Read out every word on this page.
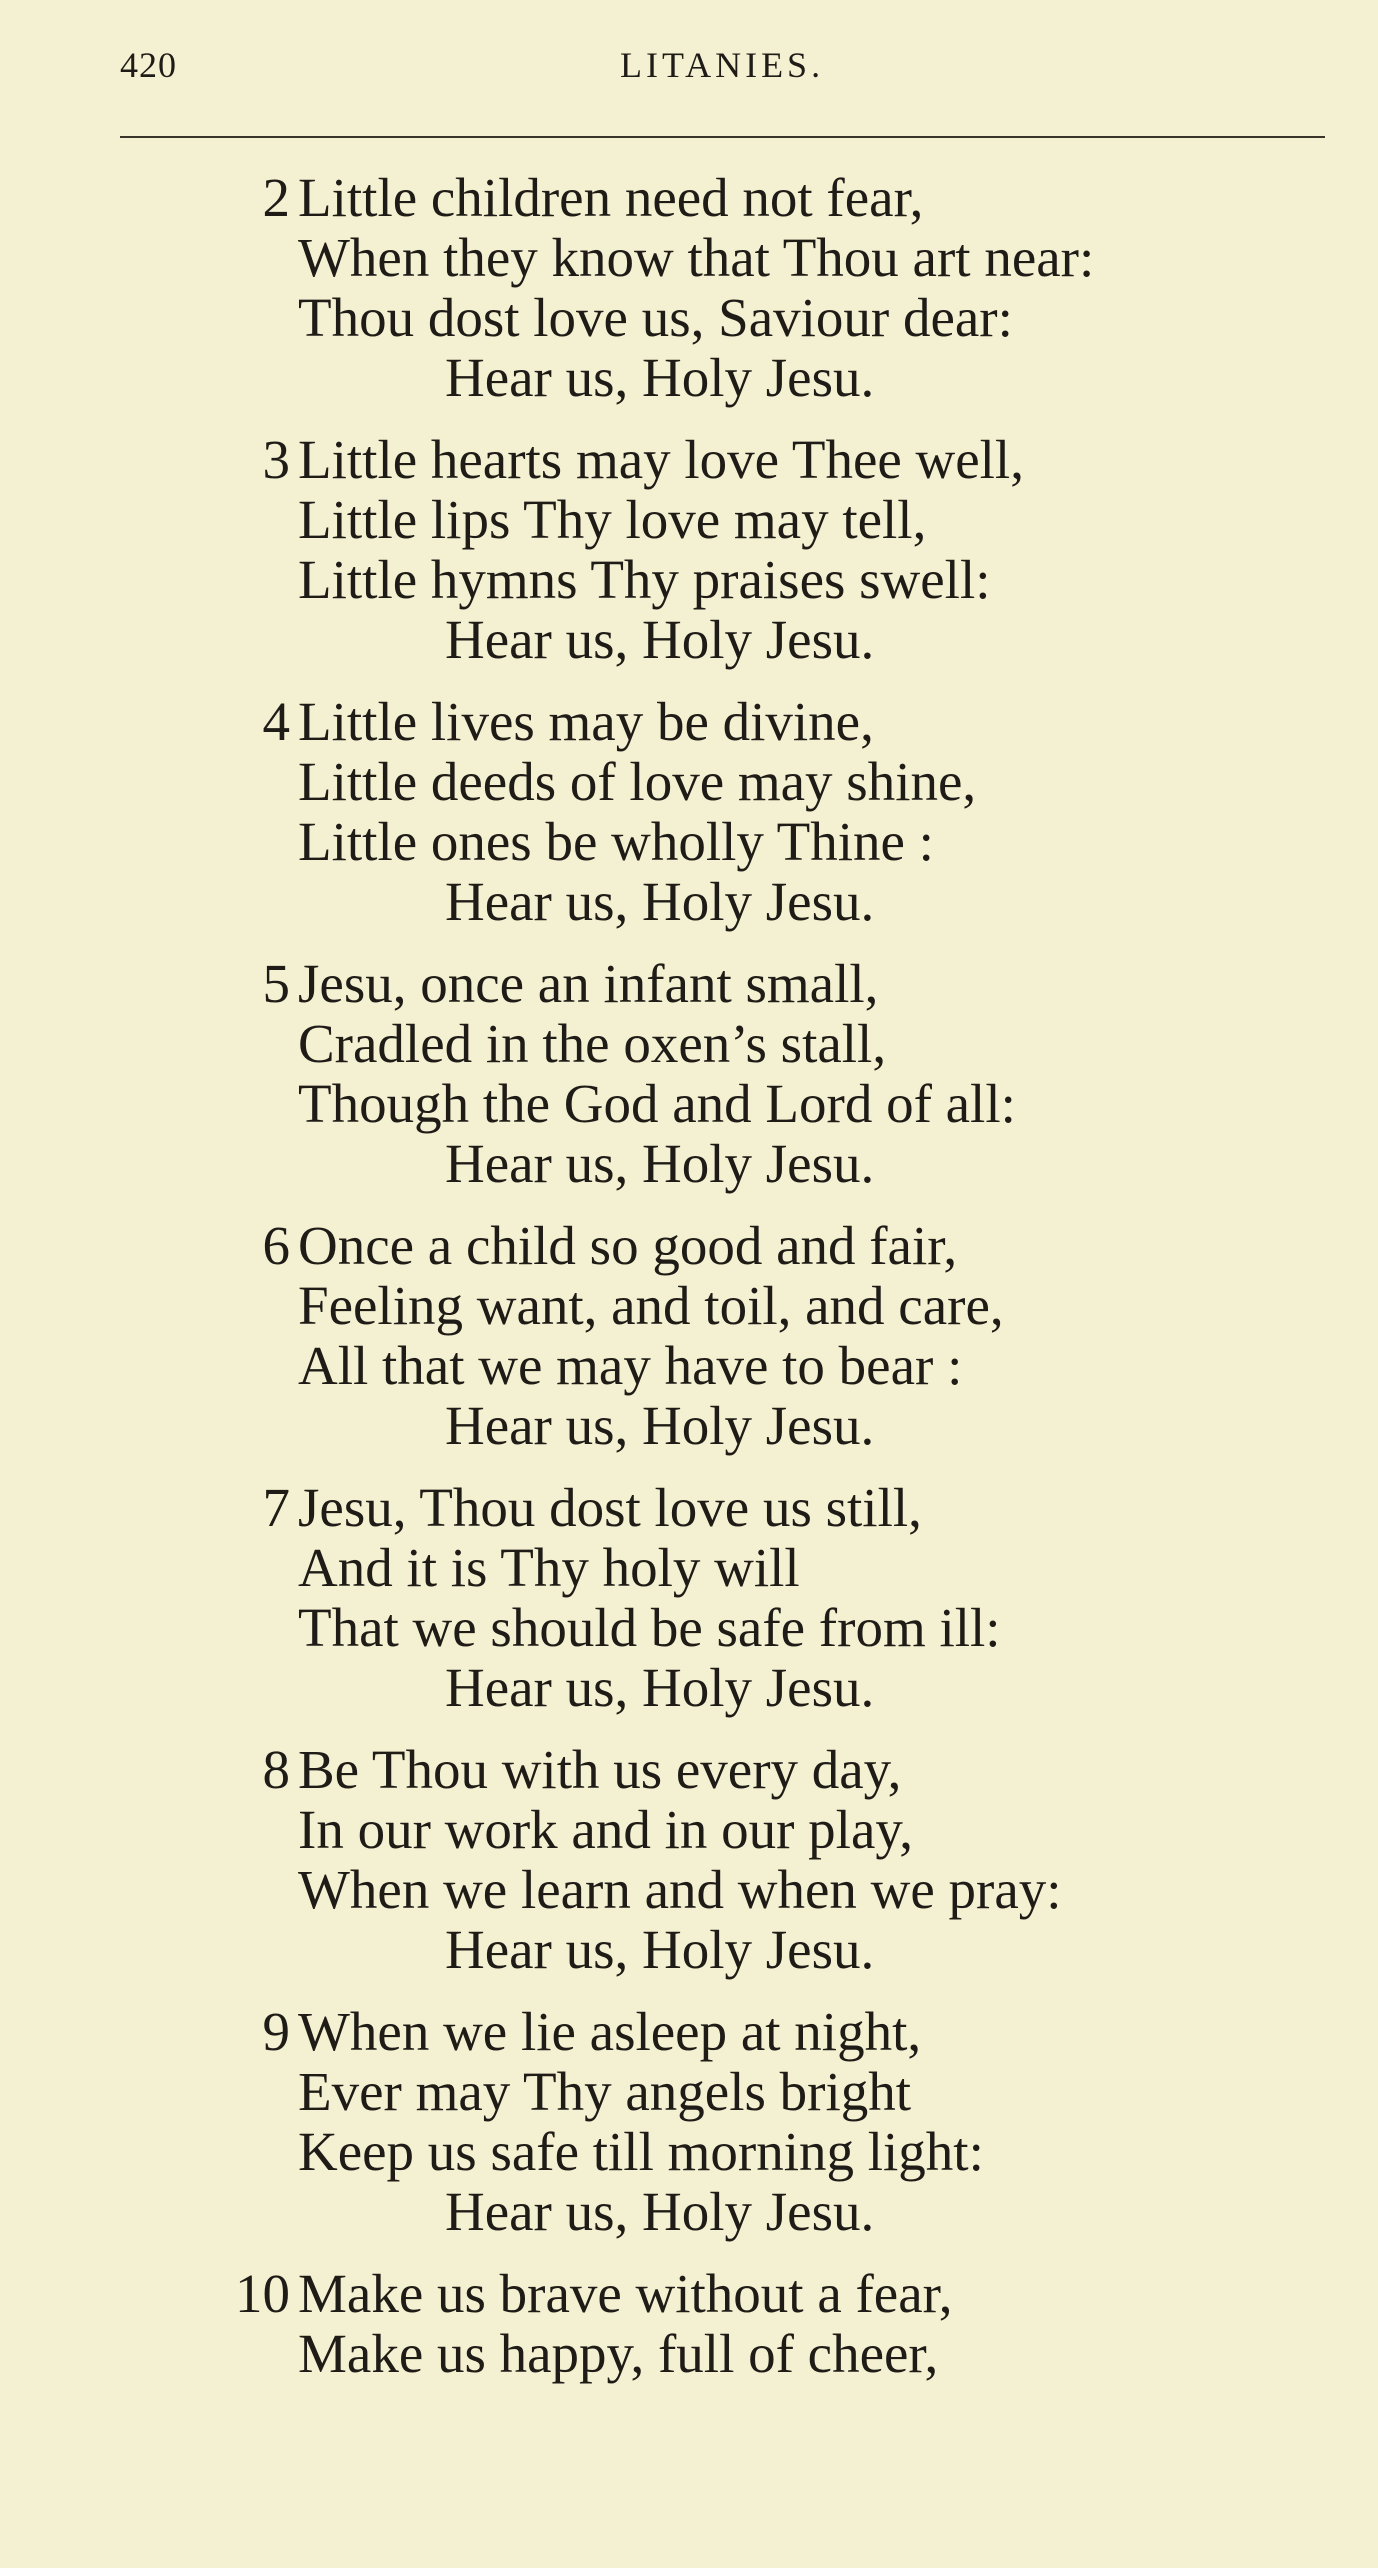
420	LITANIES.
2 Little children need not fear,
When they know that Thou art near:
Thou dost love us, Saviour dear:
Hear us, Holy Jesu.
3 Little hearts may love Thee well,
Little lips Thy love may tell,
Little hymns Thy praises swell:
Hear us, Holy Jesu.
4 Little lives may be divine,
Little deeds of love may shine,
Little ones be wholly Thine :
Hear us, Holy Jesu.
5 Jesu, once an infant small,
Cradled in the oxen’s stall,
Though the God and Lord of all:
Hear us, Holy Jesu.
6 Once a child so good and fair,
Feeling want, and toil, and care,
All that we may have to bear :
Hear us, Holy Jesu.
7 Jesu, Thou dost love us still,
And it is Thy holy will
That we should be safe from ill:
Hear us, Holy Jesu.
8 Be Thou with us every day,
In our work and in our play,
When we learn and when we pray:
Hear us, Holy Jesu.
9 When we lie asleep at night,
Ever may Thy angels bright
Keep us safe till morning light:
Hear us, Holy Jesu.
10 Make us brave without a fear,
Make us happy, full of cheer,
